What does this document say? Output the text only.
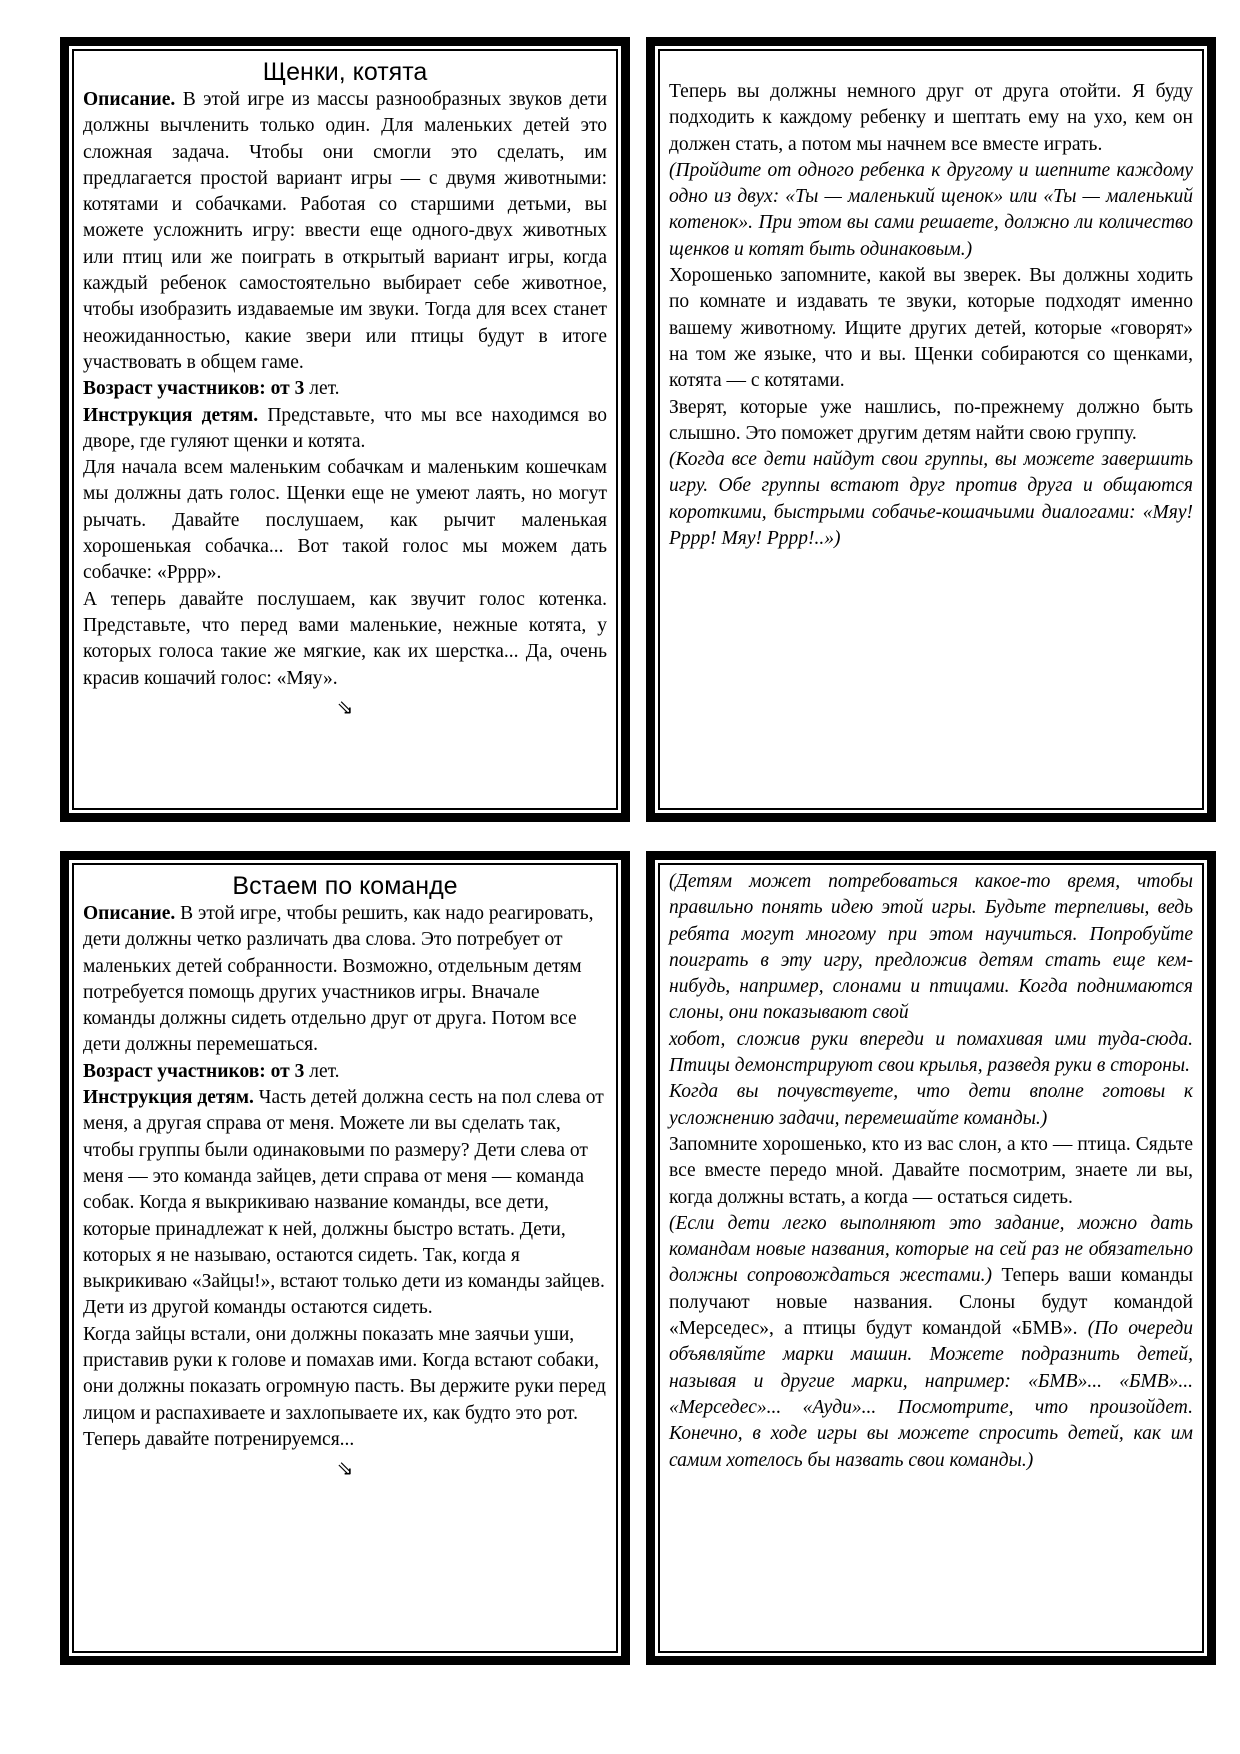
Щенки, котята

Описание. В этой игре из массы разнообразных звуков дети должны вычленить только один. Для маленьких детей это сложная задача. Чтобы они смогли это сделать, им предлагается простой вариант игры — с двумя животными: котятами и собачками. Работая со старшими детьми, вы можете усложнить игру: ввести еще одного-двух животных или птиц или же поиграть в открытый вариант игры, когда каждый ребенок самостоятельно выбирает себе животное, чтобы изобразить издаваемые им звуки. Тогда для всех станет неожиданностью, какие звери или птицы будут в итоге участвовать в общем гаме.

Возраст участников: от 3 лет.

Инструкция детям. Представьте, что мы все находимся во дворе, где гуляют щенки и котята.

Для начала всем маленьким собачкам и маленьким кошечкам мы должны дать голос. Щенки еще не умеют лаять, но могут рычать. Давайте послушаем, как рычит маленькая хорошенькая собачка... Вот такой голос мы можем дать собачке: «Рррр».

А теперь давайте послушаем, как звучит голос котенка. Представьте, что перед вами маленькие, нежные котята, у которых голоса такие же мягкие, как их шерстка... Да, очень красив кошачий голос: «Мяу».

⇘

Теперь вы должны немного друг от друга отойти. Я буду подходить к каждому ребенку и шептать ему на ухо, кем он должен стать, а потом мы начнем все вместе играть.

(Пройдите от одного ребенка к другому и шепните каждому одно из двух: «Ты — маленький щенок» или «Ты — маленький котенок». При этом вы сами решаете, должно ли количество щенков и котят быть одинаковым.)

Хорошенько запомните, какой вы зверек. Вы должны ходить по комнате и издавать те звуки, которые подходят именно вашему животному. Ищите других детей, которые «говорят» на том же языке, что и вы. Щенки собираются со щенками, котята — с котятами.

Зверят, которые уже нашлись, по-прежнему должно быть слышно. Это поможет другим детям найти свою группу.

(Когда все дети найдут свои группы, вы можете завершить игру. Обе группы встают друг против друга и общаются короткими, быстрыми собачье-кошачьими диалогами: «Мяу! Рррр! Мяу! Рррр!..»)

Встаем по команде

Описание. В этой игре, чтобы решить, как надо реагировать, дети должны четко различать два слова. Это потребует от маленьких детей собранности. Возможно, отдельным детям потребуется помощь других участников игры. Вначале команды должны сидеть отдельно друг от друга. Потом все дети должны перемешаться.

Возраст участников: от 3 лет.

Инструкция детям. Часть детей должна сесть на пол слева от меня, а другая справа от меня. Можете ли вы сделать так, чтобы группы были одинаковыми по размеру? Дети слева от меня — это команда зайцев, дети справа от меня — команда собак. Когда я выкрикиваю название команды, все дети, которые принадлежат к ней, должны быстро встать. Дети, которых я не называю, остаются сидеть. Так, когда я выкрикиваю «Зайцы!», встают только дети из команды зайцев. Дети из другой команды остаются сидеть.

Когда зайцы встали, они должны показать мне заячьи уши, приставив руки к голове и помахав ими. Когда встают собаки, они должны показать огромную пасть. Вы держите руки перед лицом и распахиваете и захлопываете их, как будто это рот. Теперь давайте потренируемся...

⇘

(Детям может потребоваться какое-то время, чтобы правильно понять идею этой игры. Будьте терпеливы, ведь ребята могут многому при этом научиться. Попробуйте поиграть в эту игру, предложив детям стать еще кем-нибудь, например, слонами и птицами. Когда поднимаются слоны, они показывают свой

хобот, сложив руки впереди и помахивая ими туда-сюда. Птицы демонстрируют свои крылья, разведя руки в стороны.

Когда вы почувствуете, что дети вполне готовы к усложнению задачи, перемешайте команды.)

Запомните хорошенько, кто из вас слон, а кто — птица. Сядьте все вместе передо мной. Давайте посмотрим, знаете ли вы, когда должны встать, а когда — остаться сидеть.

(Если дети легко выполняют это задание, можно дать командам новые названия, которые на сей раз не обязательно должны сопровождаться жестами.) Теперь ваши команды получают новые названия. Слоны будут командой «Мерседес», а птицы будут командой «БМВ». (По очереди объявляйте марки машин. Можете подразнить детей, называя и другие марки, например: «БМВ»... «БМВ»... «Мерседес»... «Ауди»... Посмотрите, что произойдет. Конечно, в ходе игры вы можете спросить детей, как им самим хотелось бы назвать свои команды.)
